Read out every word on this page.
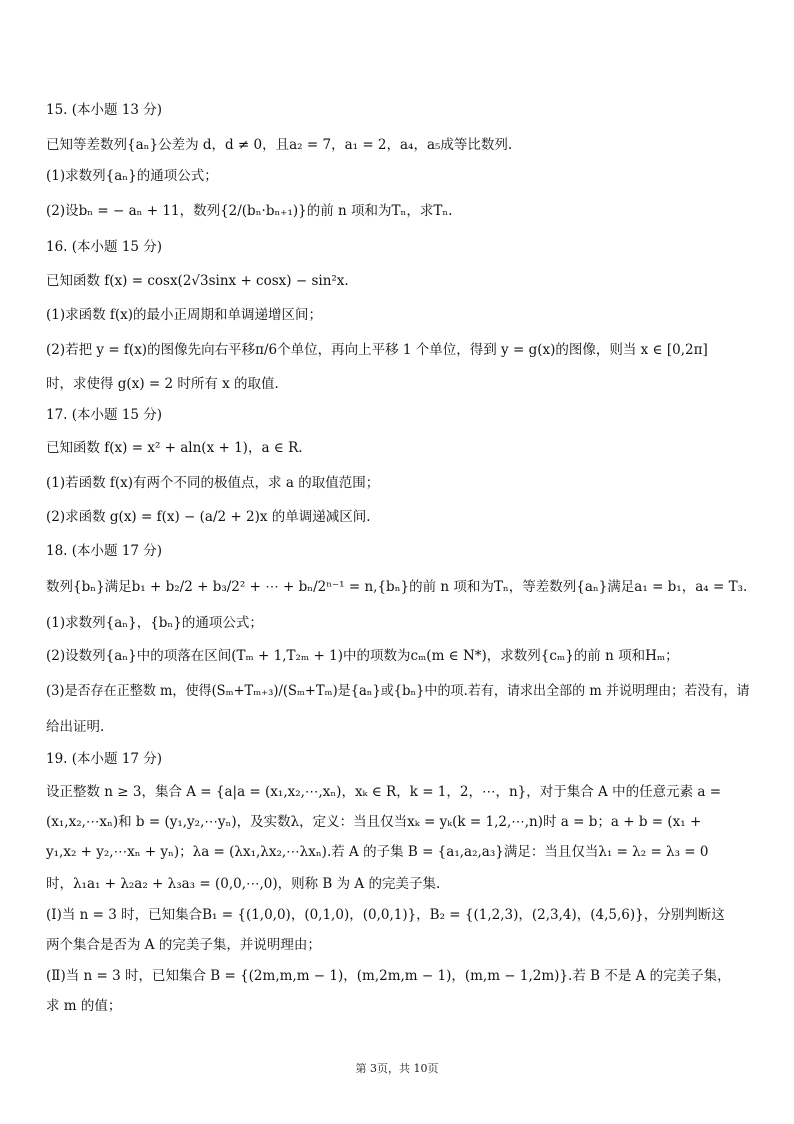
15. (本小题 13 分)

已知等差数列{aₙ}公差为 d，d ≠ 0，且a₂ = 7，a₁ = 2，a₄，a₅成等比数列.

(1)求数列{aₙ}的通项公式；

(2)设bₙ = − aₙ + 11，数列{2/(bₙ·bₙ₊₁)}的前 n 项和为Tₙ，求Tₙ.

16. (本小题 15 分)

已知函数 f(x) = cosx(2√3sinx + cosx) − sin²x.

(1)求函数 f(x)的最小正周期和单调递增区间；

(2)若把 y = f(x)的图像先向右平移π/6个单位，再向上平移 1 个单位，得到 y = g(x)的图像，则当 x ∈ [0,2π]

时，求使得 g(x) = 2 时所有 x 的取值.

17. (本小题 15 分)

已知函数 f(x) = x² + aln(x + 1)，a ∈ R.

(1)若函数 f(x)有两个不同的极值点，求 a 的取值范围；

(2)求函数 g(x) = f(x) − (a/2 + 2)x 的单调递减区间.

18. (本小题 17 分)

数列{bₙ}满足b₁ + b₂/2 + b₃/2² + ⋯ + bₙ/2ⁿ⁻¹ = n,{bₙ}的前 n 项和为Tₙ，等差数列{aₙ}满足a₁ = b₁，a₄ = T₃.

(1)求数列{aₙ}，{bₙ}的通项公式；

(2)设数列{aₙ}中的项落在区间(Tₘ + 1,T₂ₘ + 1)中的项数为cₘ(m ∈ N*)，求数列{cₘ}的前 n 项和Hₘ；

(3)是否存在正整数 m，使得(Sₘ+Tₘ₊₃)/(Sₘ+Tₘ)是{aₙ}或{bₙ}中的项.若有，请求出全部的 m 并说明理由；若没有，请

给出证明.

19. (本小题 17 分)

设正整数 n ≥ 3，集合 A = {a|a = (x₁,x₂,⋯,xₙ)，xₖ ∈ R，k = 1，2，⋯，n}，对于集合 A 中的任意元素 a =

(x₁,x₂,⋯xₙ)和 b = (y₁,y₂,⋯yₙ)，及实数λ，定义：当且仅当xₖ = yₖ(k = 1,2,⋯,n)时 a = b；a + b = (x₁ +

y₁,x₂ + y₂,⋯xₙ + yₙ)；λa = (λx₁,λx₂,⋯λxₙ).若 A 的子集 B = {a₁,a₂,a₃}满足：当且仅当λ₁ = λ₂ = λ₃ = 0

时，λ₁a₁ + λ₂a₂ + λ₃a₃ = (0,0,⋯,0)，则称 B 为 A 的完美子集.

(Ⅰ)当 n = 3 时，已知集合B₁ = {(1,0,0)，(0,1,0)，(0,0,1)}，B₂ = {(1,2,3)，(2,3,4)，(4,5,6)}，分别判断这

两个集合是否为 A 的完美子集，并说明理由；

(Ⅱ)当 n = 3 时，已知集合 B = {(2m,m,m − 1)，(m,2m,m − 1)，(m,m − 1,2m)}.若 B 不是 A 的完美子集，

求 m 的值；

第 3页，共 10页
